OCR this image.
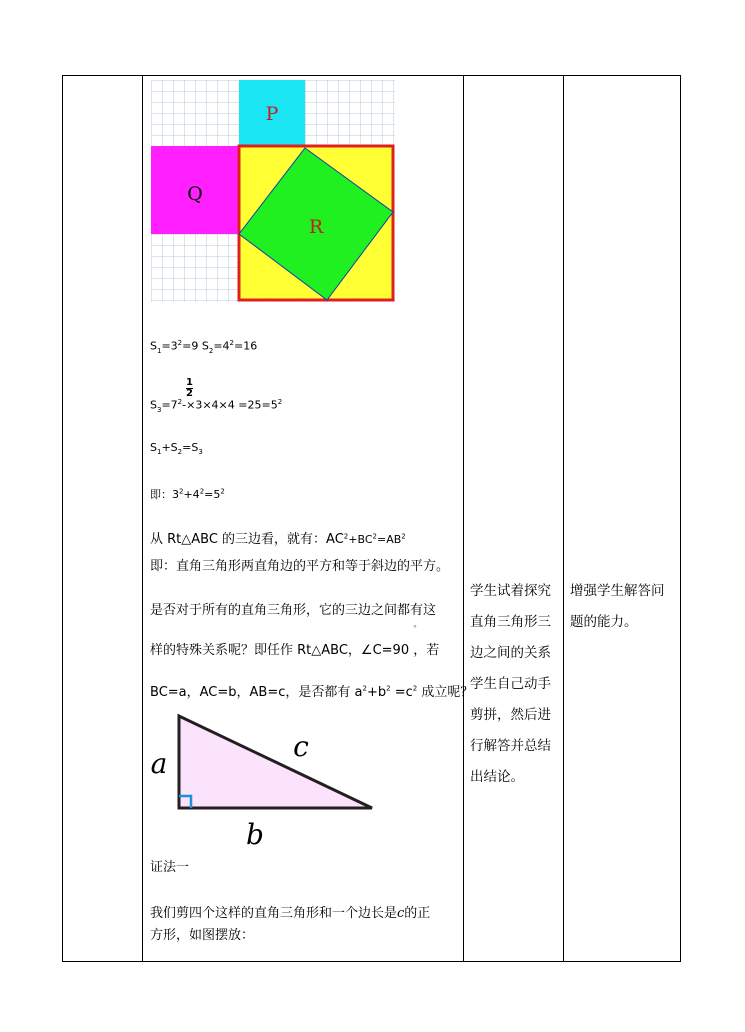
P
Q
R
$S_1=3^2=9$ $S_2=4^2=16$
1
2
$S_3=7^2-\times 3\times 4\times 4 =25=5^2$
$S_1+S_2=S_3$
即：$3^2+4^2=5^2$
从 Rt△ABC 的三边看，就有：$AC^2+BC^2=AB^2$
即：直角三角形两直角边的平方和等于斜边的平方。
是否对于所有的直角三角形，它的三边之间都有这
°
样的特殊关系呢？即任作 Rt△ABC，∠C=90 ，若
BC=a，AC=b，AB=c，是否都有 $a^2+b^2 =c^2$ 成立呢？
a
c
b
证法一
我们剪四个这样的直角三角形和一个边长是c的正
方形，如图摆放：
学生试着探究
直角三角形三
边之间的关系
学生自己动手
剪拼，然后进
行解答并总结
出结论。
增强学生解答问
题的能力。
